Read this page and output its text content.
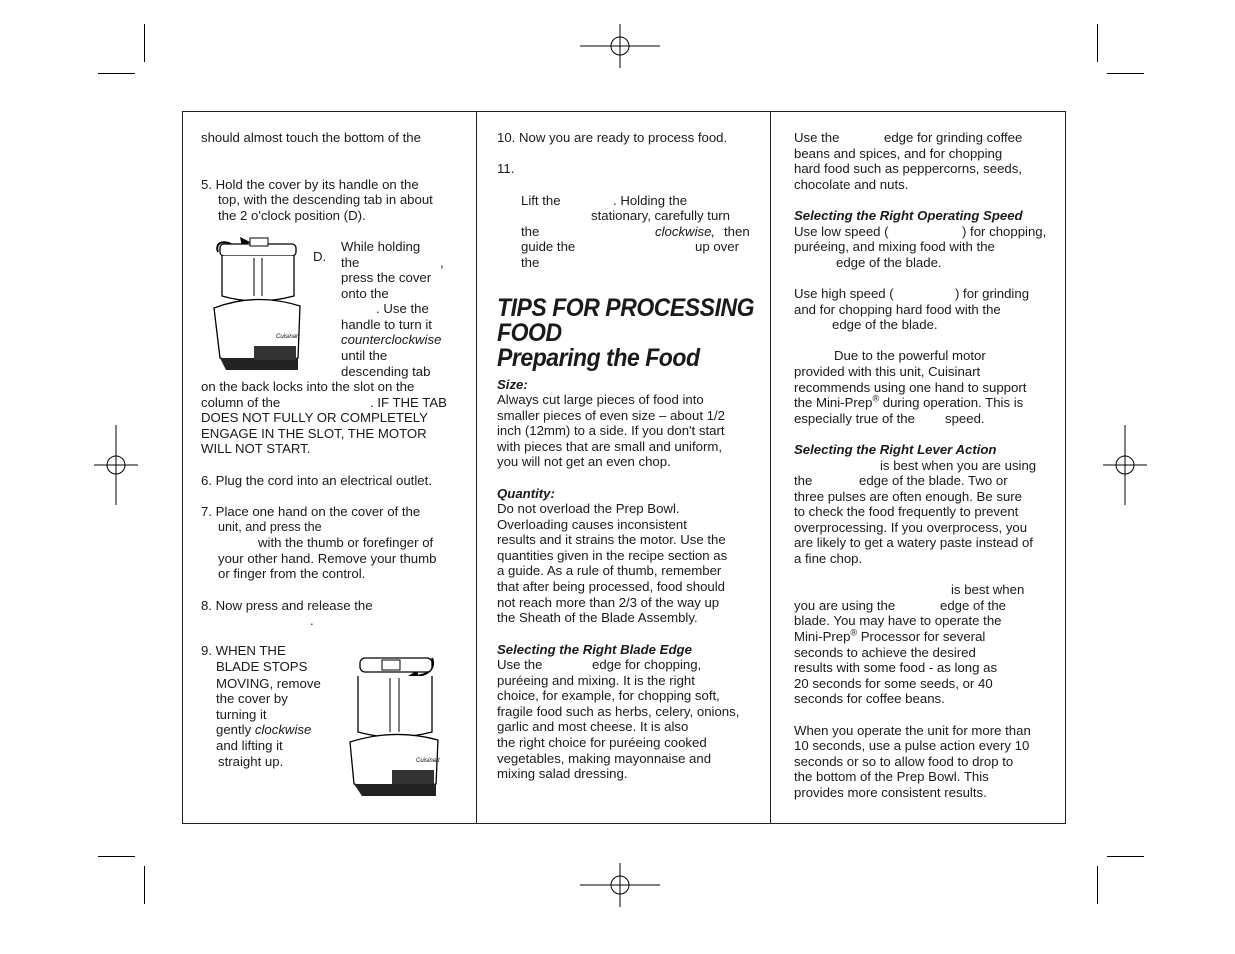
should almost touch the bottom of the
5. Hold the cover by its handle on the
top, with the descending tab in about
the 2 o'clock position (D).
D.
While holding
the	,
press the cover
onto the
. Use the
handle to turn it
counterclockwise
until the
descending tab
on the back locks into the slot on the
column of the	. IF THE TAB
DOES NOT FULLY OR COMPLETELY
ENGAGE IN THE SLOT, THE MOTOR
WILL NOT START.
6. Plug the cord into an electrical outlet.
7. Place one hand on the cover of the
unit, and press the
with the thumb or forefinger of
your other hand. Remove your thumb
or finger from the control.
8. Now press and release the
.
9. WHEN THE
BLADE STOPS
MOVING, remove
the cover by
turning it
gently clockwise
and lifting it
straight up.
Cuisinart
Cuisinart
10. Now you are ready to process food.
11.
Lift the	. Holding the
stationary, carefully turn
the	clockwise, then
guide the	up over
the
TIPS FOR PROCESSING
FOOD
Preparing the Food
Size:
Always cut large pieces of food into
smaller pieces of even size – about 1/2
inch (12mm) to a side. If you don't start
with pieces that are small and uniform,
you will not get an even chop.
Quantity:
Do not overload the Prep Bowl.
Overloading causes inconsistent
results and it strains the motor. Use the
quantities given in the recipe section as
a guide. As a rule of thumb, remember
that after being processed, food should
not reach more than 2/3 of the way up
the Sheath of the Blade Assembly.
Selecting the Right Blade Edge
Use the	edge for chopping,
puréeing and mixing. It is the right
choice, for example, for chopping soft,
fragile food such as herbs, celery, onions,
garlic and most cheese. It is also
the right choice for puréeing cooked
vegetables, making mayonnaise and
mixing salad dressing.
Use the	edge for grinding coffee
beans and spices, and for chopping
hard food such as peppercorns, seeds,
chocolate and nuts.
Selecting the Right Operating Speed
Use low speed (	) for chopping,
puréeing, and mixing food with the
edge of the blade.
Use high speed (	) for grinding
and for chopping hard food with the
edge of the blade.
Due to the powerful motor
provided with this unit, Cuisinart
recommends using one hand to support
the Mini-Prep® during operation. This is
especially true of the speed.
Selecting the Right Lever Action
is best when you are using
the	edge of the blade. Two or
three pulses are often enough. Be sure
to check the food frequently to prevent
overprocessing. If you overprocess, you
are likely to get a watery paste instead of
a fine chop.
is best when
you are using the	edge of the
blade. You may have to operate the
Mini-Prep® Processor for several
seconds to achieve the desired
results with some food - as long as
20 seconds for some seeds, or 40
seconds for coffee beans.
When you operate the unit for more than
10 seconds, use a pulse action every 10
seconds or so to allow food to drop to
the bottom of the Prep Bowl. This
provides more consistent results.
